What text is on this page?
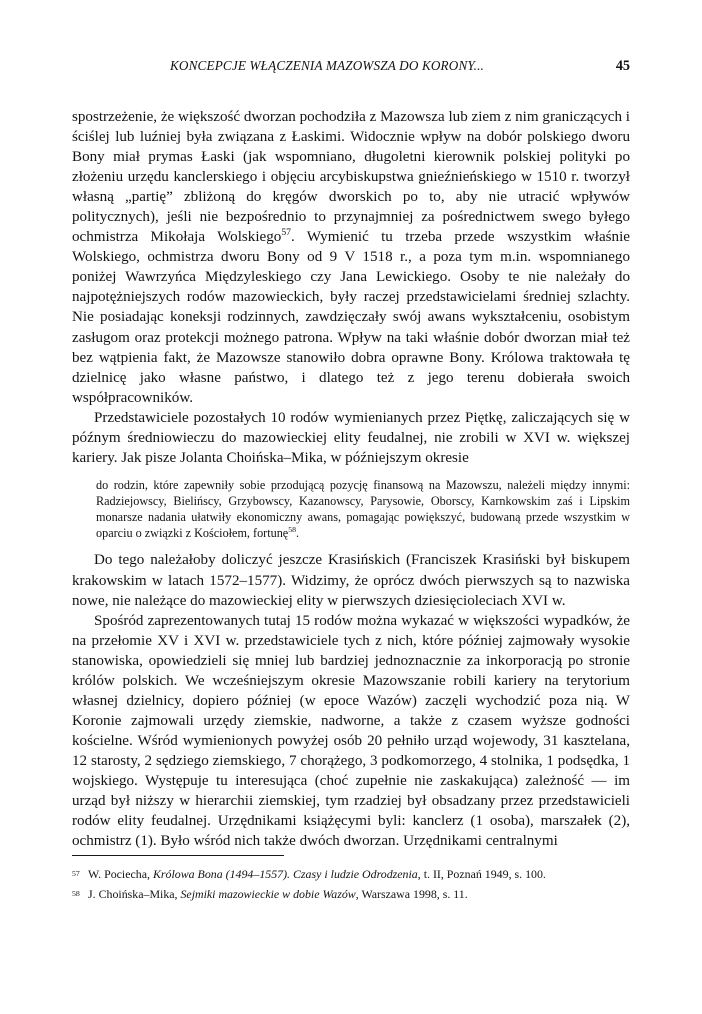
KONCEPCJE WŁĄCZENIA MAZOWSZA DO KORONY...	45

spostrzeżenie, że większość dworzan pochodziła z Mazowsza lub ziem z nim graniczących i ściślej lub luźniej była związana z Łaskimi. Widocznie wpływ na dobór polskiego dworu Bony miał prymas Łaski (jak wspomniano, długoletni kierownik polskiej polityki po złożeniu urzędu kanclerskiego i objęciu arcybiskupstwa gnieźnieńskiego w 1510 r. tworzył własną „partię” zbliżoną do kręgów dworskich po to, aby nie utracić wpływów politycznych), jeśli nie bezpośrednio to przynajmniej za pośrednictwem swego byłego ochmistrza Mikołaja Wolskiego$^{57}$. Wymienić tu trzeba przede wszystkim właśnie Wolskiego, ochmistrza dworu Bony od 9 V 1518 r., a poza tym m.in. wspomnianego poniżej Wawrzyńca Międzyleskiego czy Jana Lewickiego. Osoby te nie należały do najpotężniejszych rodów mazowieckich, były raczej przedstawicielami średniej szlachty. Nie posiadając koneksji rodzinnych, zawdzięczały swój awans wykształceniu, osobistym zasługom oraz protekcji możnego patrona. Wpływ na taki właśnie dobór dworzan miał też bez wątpienia fakt, że Mazowsze stanowiło dobra oprawne Bony. Królowa traktowała tę dzielnicę jako własne państwo, i dlatego też z jego terenu dobierała swoich współpracowników.

Przedstawiciele pozostałych 10 rodów wymienianych przez Piętkę, zaliczających się w późnym średniowieczu do mazowieckiej elity feudalnej, nie zrobili w XVI w. większej kariery. Jak pisze Jolanta Choińska–Mika, w późniejszym okresie

do rodzin, które zapewniły sobie przodującą pozycję finansową na Mazowszu, należeli między innymi: Radziejowscy, Bielińscy, Grzybowscy, Kazanowscy, Parysowie, Oborscy, Karnkowskim zaś i Lipskim monarsze nadania ułatwiły ekonomiczny awans, pomagając powiększyć, budowaną przede wszystkim w oparciu o związki z Kościołem, fortunę$^{58}$.

Do tego należałoby doliczyć jeszcze Krasińskich (Franciszek Krasiński był biskupem krakowskim w latach 1572–1577). Widzimy, że oprócz dwóch pierwszych są to nazwiska nowe, nie należące do mazowieckiej elity w pierwszych dziesięcioleciach XVI w.

Spośród zaprezentowanych tutaj 15 rodów można wykazać w większości wypadków, że na przełomie XV i XVI w. przedstawiciele tych z nich, które później zajmowały wysokie stanowiska, opowiedzieli się mniej lub bardziej jednoznacznie za inkorporacją po stronie królów polskich. We wcześniejszym okresie Mazowszanie robili kariery na terytorium własnej dzielnicy, dopiero później (w epoce Wazów) zaczęli wychodzić poza nią. W Koronie zajmowali urzędy ziemskie, nadworne, a także z czasem wyższe godności kościelne. Wśród wymienionych powyżej osób 20 pełniło urząd wojewody, 31 kasztelana, 12 starosty, 2 sędziego ziemskiego, 7 chorążego, 3 podkomorzego, 4 stolnika, 1 podsędka, 1 wojskiego. Występuje tu interesująca (choć zupełnie nie zaskakująca) zależność — im urząd był niższy w hierarchii ziemskiej, tym rzadziej był obsadzany przez przedstawicieli rodów elity feudalnej. Urzędnikami książęcymi byli: kanclerz (1 osoba), marszałek (2), ochmistrz (1). Było wśród nich także dwóch dworzan. Urzędnikami centralnymi

57 W. Pociecha, Królowa Bona (1494–1557). Czasy i ludzie Odrodzenia, t. II, Poznań 1949, s. 100.

58 J. Choińska–Mika, Sejmiki mazowieckie w dobie Wazów, Warszawa 1998, s. 11.
